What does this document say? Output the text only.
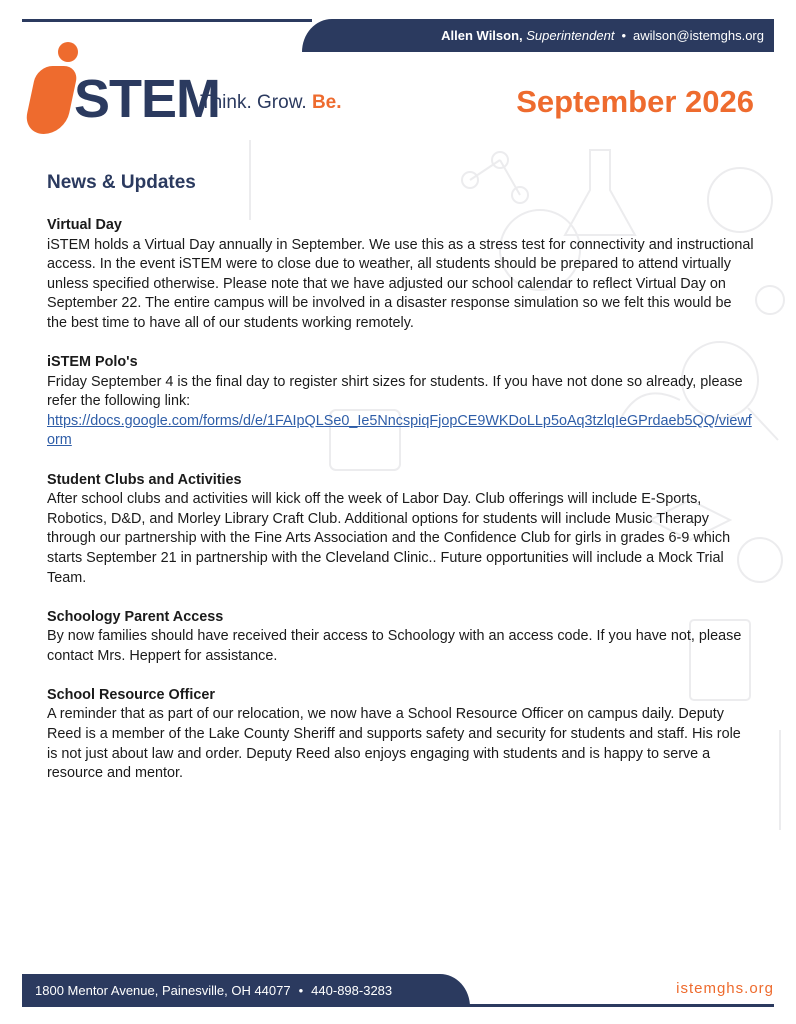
Allen Wilson,
Superintendent • awilson@istemghs.org
STEM
Think. Grow. Be.	September 2026
News & Updates
Virtual Day

iSTEM holds a Virtual Day annually in September. We use this as a stress test for connectivity and instructional access. In the event iSTEM were to close due to weather, all students should be prepared to attend virtually unless specified otherwise. Please note that we have adjusted our school calendar to reflect Virtual Day on September 22. The entire campus will be involved in a disaster response simulation so we felt this would be the best time to have all of our students working remotely.

iSTEM Polo's

Friday September 4 is the final day to register shirt sizes for students. If you have not done so already, please refer the following link:

https://docs.google.com/forms/d/e/1FAIpQLSe0_Ie5NncspiqFjopCE9WKDoLLp5oAq3tzlqIeGPrdaeb5QQ/viewform
Student Clubs and Activities

After school clubs and activities will kick off the week of Labor Day. Club offerings will include E-Sports, Robotics, D&D, and Morley Library Craft Club. Additional options for students will include Music Therapy through our partnership with the Fine Arts Association and the Confidence Club for girls in grades 6-9 which starts September 21 in partnership with the Cleveland Clinic.. Future opportunities will include a Mock Trial Team.

Schoology Parent Access

By now families should have received their access to Schoology with an access code. If you have not, please contact Mrs. Heppert for assistance.

School Resource Officer

A reminder that as part of our relocation, we now have a School Resource Officer on campus daily. Deputy Reed is a member of the Lake County Sheriff and supports safety and security for students and staff. His role is not just about law and order. Deputy Reed also enjoys engaging with students and is happy to serve a resource and mentor.

1800 Mentor Avenue, Painesville, OH 44077 • 440-898-3283	istemghs.org
